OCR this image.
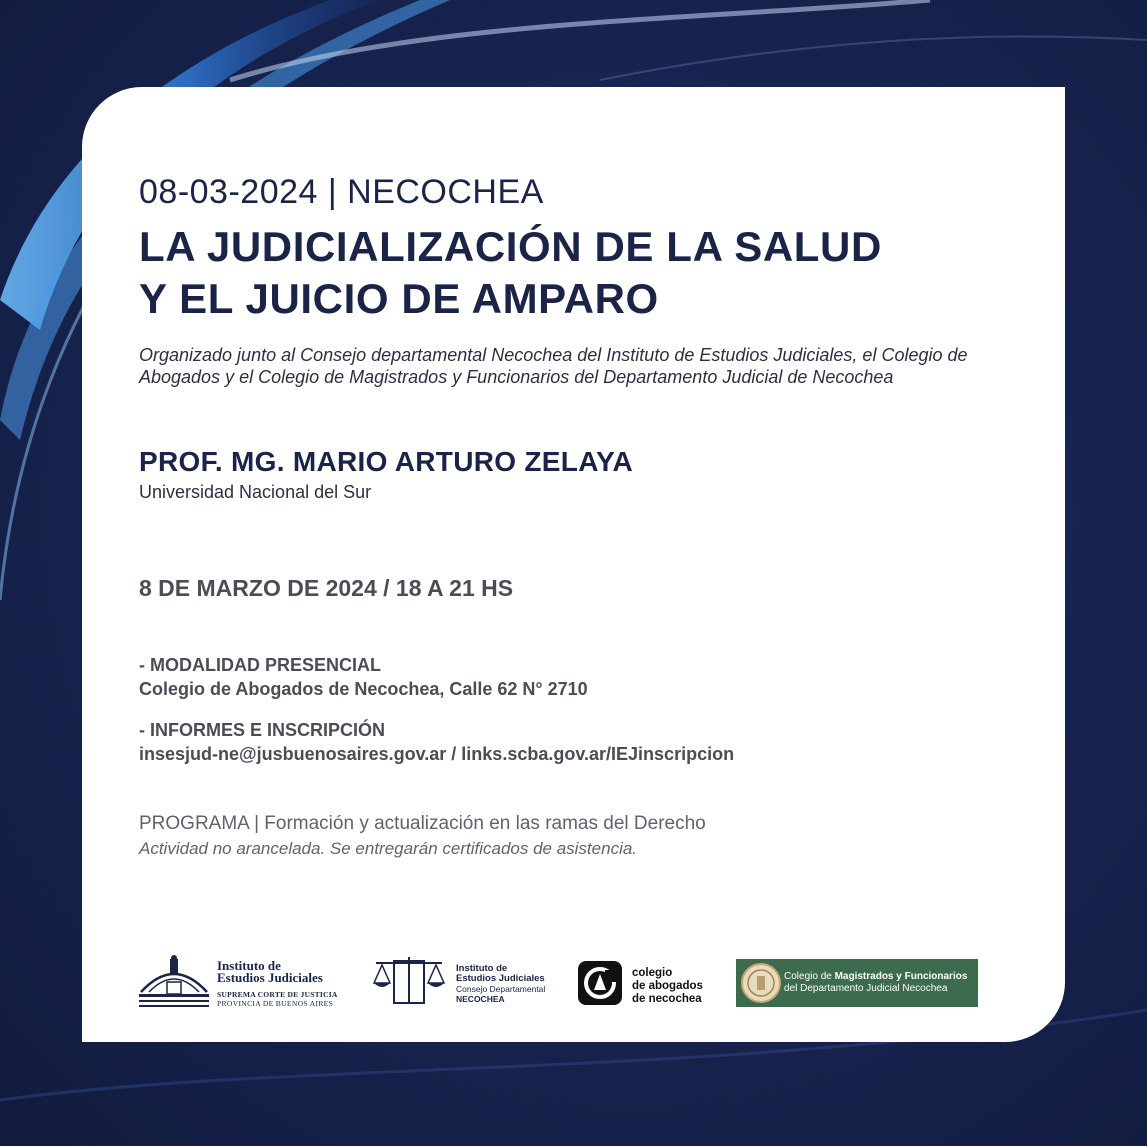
08-03-2024 | NECOCHEA

LA JUDICIALIZACIÓN DE LA SALUD
Y EL JUICIO DE AMPARO

Organizado junto al Consejo departamental Necochea del Instituto de Estudios Judiciales, el Colegio de Abogados y el Colegio de Magistrados y Funcionarios del Departamento Judicial de Necochea

PROF. MG. MARIO ARTURO ZELAYA

Universidad Nacional del Sur

8 DE MARZO DE 2024 / 18 A 21 HS

- MODALIDAD PRESENCIAL

Colegio de Abogados de Necochea, Calle 62 N° 2710

- INFORMES E INSCRIPCIÓN

insesjud-ne@jusbuenosaires.gov.ar / links.scba.gov.ar/IEJinscripcion

PROGRAMA | Formación y actualización en las ramas del Derecho

Actividad no arancelada. Se entregarán certificados de asistencia.

Instituto de
Estudios Judiciales
SUPREMA CORTE DE JUSTICIA
PROVINCIA DE BUENOS AIRES
Instituto de
Estudios Judiciales
Consejo Departamental
NECOCHEA
colegio
de abogados
de necochea
Colegio de Magistrados y Funcionarios
del Departamento Judicial Necochea
